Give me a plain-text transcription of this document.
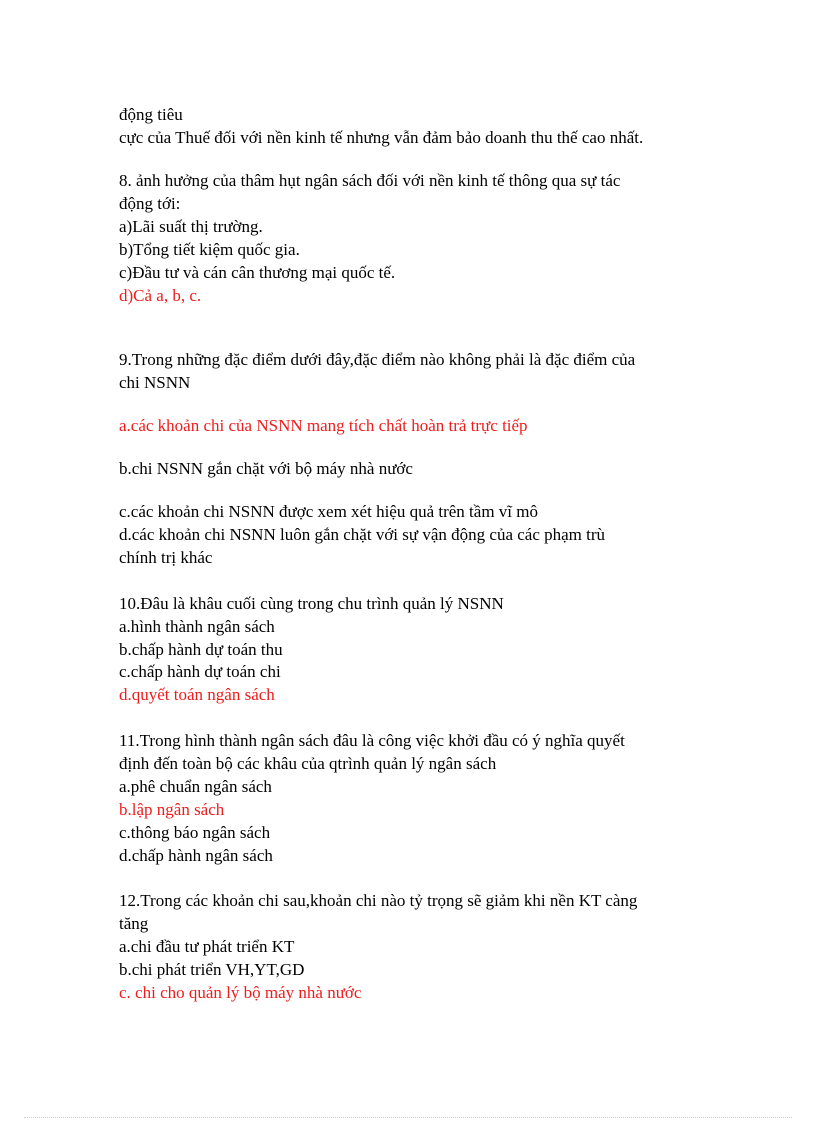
động tiêu
cực của Thuế đối với nền kinh tế nhưng vẫn đảm bảo doanh thu thế cao nhất.
8. ảnh hưởng của thâm hụt ngân sách đối với nền kinh tế thông qua sự tác
động tới:
a)Lãi suất thị trường.
b)Tổng tiết kiệm quốc gia.
c)Đầu tư và cán cân thương mại quốc tế.
d)Cả a, b, c.
9.Trong những đặc điểm dưới đây,đặc điểm nào không phải là đặc điểm của
chi NSNN
a.các khoản chi của NSNN mang tích chất hoàn trả trực tiếp
b.chi NSNN gắn chặt với bộ máy nhà nước
c.các khoản chi NSNN được xem xét hiệu quả trên tầm vĩ mô
d.các khoản chi NSNN luôn gắn chặt với sự vận động của các phạm trù
chính trị khác
10.Đâu là khâu cuối cùng trong chu trình quản lý NSNN
a.hình thành ngân sách
b.chấp hành dự toán thu
c.chấp hành dự toán chi
d.quyết toán ngân sách
11.Trong hình thành ngân sách đâu là công việc khởi đầu có ý nghĩa quyết
định đến toàn bộ các khâu của qtrình quản lý ngân sách
a.phê chuẩn ngân sách
b.lập ngân sách
c.thông báo ngân sách
d.chấp hành ngân sách
12.Trong các khoản chi sau,khoản chi nào tỷ trọng sẽ giảm khi nền KT càng
tăng
a.chi đầu tư phát triển KT
b.chi phát triển VH,YT,GD
c. chi cho quản lý bộ máy nhà nước
